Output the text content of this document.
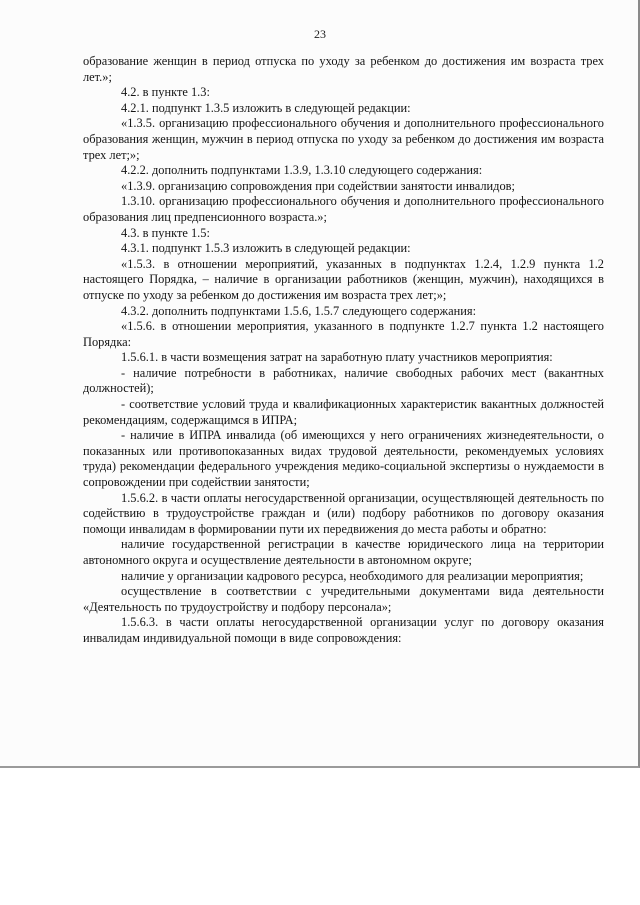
23

образование женщин в период отпуска по уходу за ребенком до достижения им возраста трех лет.»;

4.2. в пункте 1.3:

4.2.1. подпункт 1.3.5 изложить в следующей редакции:

«1.3.5. организацию профессионального обучения и дополнительного профессионального образования женщин, мужчин в период отпуска по уходу за ребенком до достижения им возраста трех лет;»;

4.2.2. дополнить подпунктами 1.3.9, 1.3.10 следующего содержания:

«1.3.9. организацию сопровождения при содействии занятости инвалидов;

1.3.10. организацию профессионального обучения и дополнительного профессионального образования лиц предпенсионного возраста.»;

4.3. в пункте 1.5:

4.3.1. подпункт 1.5.3 изложить в следующей редакции:

«1.5.3. в отношении мероприятий, указанных в подпунктах 1.2.4, 1.2.9 пункта 1.2 настоящего Порядка, – наличие в организации работников (женщин, мужчин), находящихся в отпуске по уходу за ребенком до достижения им возраста трех лет;»;

4.3.2. дополнить подпунктами 1.5.6, 1.5.7 следующего содержания:

«1.5.6. в отношении мероприятия, указанного в подпункте 1.2.7 пункта 1.2 настоящего Порядка:

1.5.6.1. в части возмещения затрат на заработную плату участников мероприятия:

- наличие потребности в работниках, наличие свободных рабочих мест (вакантных должностей);

- соответствие условий труда и квалификационных характеристик вакантных должностей рекомендациям, содержащимся в ИПРА;

- наличие в ИПРА инвалида (об имеющихся у него ограничениях жизнедеятельности, о показанных или противопоказанных видах трудовой деятельности, рекомендуемых условиях труда) рекомендации федерального учреждения медико-социальной экспертизы о нуждаемости в сопровождении при содействии занятости;

1.5.6.2. в части оплаты негосударственной организации, осуществляющей деятельность по содействию в трудоустройстве граждан и (или) подбору работников по договору оказания помощи инвалидам в формировании пути их передвижения до места работы и обратно:

наличие государственной регистрации в качестве юридического лица на территории автономного округа и осуществление деятельности в автономном округе;

наличие у организации кадрового ресурса, необходимого для реализации мероприятия;

осуществление в соответствии с учредительными документами вида деятельности «Деятельность по трудоустройству и подбору персонала»;

1.5.6.3. в части оплаты негосударственной организации услуг по договору оказания инвалидам индивидуальной помощи в виде сопровождения:
